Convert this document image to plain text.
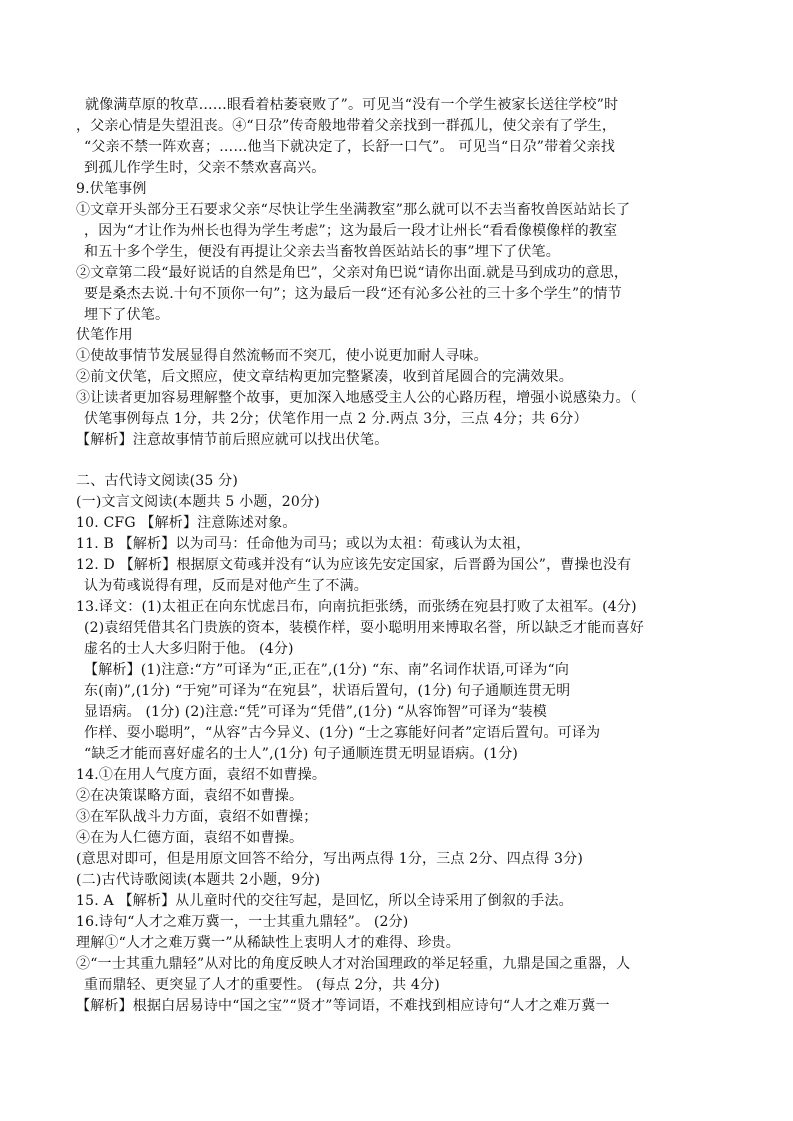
就像满草原的牧草……眼看着枯萎衰败了”。可见当“没有一个学生被家长送往学校”时
，父亲心情是失望沮丧。④“日尕”传奇般地带着父亲找到一群孤儿，使父亲有了学生，
“父亲不禁一阵欢喜；……他当下就决定了，长舒一口气”。 可见当“日尕”带着父亲找
到孤儿作学生时，父亲不禁欢喜高兴。
9.伏笔事例
①文章开头部分王石要求父亲“尽快让学生坐满教室”那么就可以不去当畜牧兽医站站长了
，因为“才让作为州长也得为学生考虑”；这为最后一段才让州长“看看像模像样的教室
和五十多个学生，便没有再提让父亲去当畜牧兽医站站长的事”埋下了伏笔。
②文章第二段“最好说话的自然是角巴”，父亲对角巴说“请你出面.就是马到成功的意思，
要是桑杰去说.十句不顶你一句”；这为最后一段“还有沁多公社的三十多个学生”的情节
埋下了伏笔。
伏笔作用
①使故事情节发展显得自然流畅而不突兀，使小说更加耐人寻味。
②前文伏笔，后文照应，使文章结构更加完整紧凑，收到首尾圆合的完满效果。
③让读者更加容易理解整个故事，更加深入地感受主人公的心路历程，增强小说感染力。（
伏笔事例每点 1分，共 2分；伏笔作用一点 2 分.两点 3分，三点 4分；共 6分）
【解析】注意故事情节前后照应就可以找出伏笔。
二、古代诗文阅读(35 分)
(一)文言文阅读(本题共 5 小题，20分)
10. CFG 【解析】注意陈述对象。
11. B 【解析】以为司马：任命他为司马；或以为太祖：荀彧认为太祖，
12. D 【解析】根据原文荀彧并没有“认为应该先安定国家，后晋爵为国公”，曹操也没有
认为荀彧说得有理，反而是对他产生了不满。
13.译文：(1)太祖正在向东忧虑吕布，向南抗拒张绣，而张绣在宛县打败了太祖军。(4分)
(2)袁绍凭借其名门贵族的资本，装模作样，耍小聪明用来博取名誉，所以缺乏才能而喜好
虚名的士人大多归附于他。 (4分)
【解析】(1)注意:“方”可译为“正,正在”,(1分) “东、南”名词作状语,可译为“向
东(南)”,(1分) “于宛”可译为“在宛县”，状语后置句，(1分) 句子通顺连贯无明
显语病。 (1分) (2)注意:“凭”可译为“凭借”,(1分) “从容饰智”可译为“装模
作样、耍小聪明”，“从容”古今异义、(1分) “士之寡能好问者”定语后置句。可译为
“缺乏才能而喜好虚名的士人”,(1分) 句子通顺连贯无明显语病。(1分)
14.①在用人气度方面，袁绍不如曹操。
②在决策谋略方面，袁绍不如曹操。
③在军队战斗力方面，袁绍不如曹操；
④在为人仁德方面，袁绍不如曹操。
(意思对即可，但是用原文回答不给分，写出两点得 1分，三点 2分、四点得 3分)
(二)古代诗歌阅读(本题共 2小题，9分)
15. A 【解析】从儿童时代的交往写起，是回忆，所以全诗采用了倒叙的手法。
16.诗句“人才之难万冀一，一士其重九鼎轻”。 (2分)
理解①“人才之难万冀一”从稀缺性上衷明人才的难得、珍贵。
②“一士其重九鼎轻”从对比的角度反映人才对治国理政的举足轻重，九鼎是国之重器，人
重而鼎轻、更突显了人才的重要性。 (每点 2分，共 4分)
【解析】根据白居易诗中“国之宝”“贤才”等词语，不难找到相应诗句“人才之难万冀一
